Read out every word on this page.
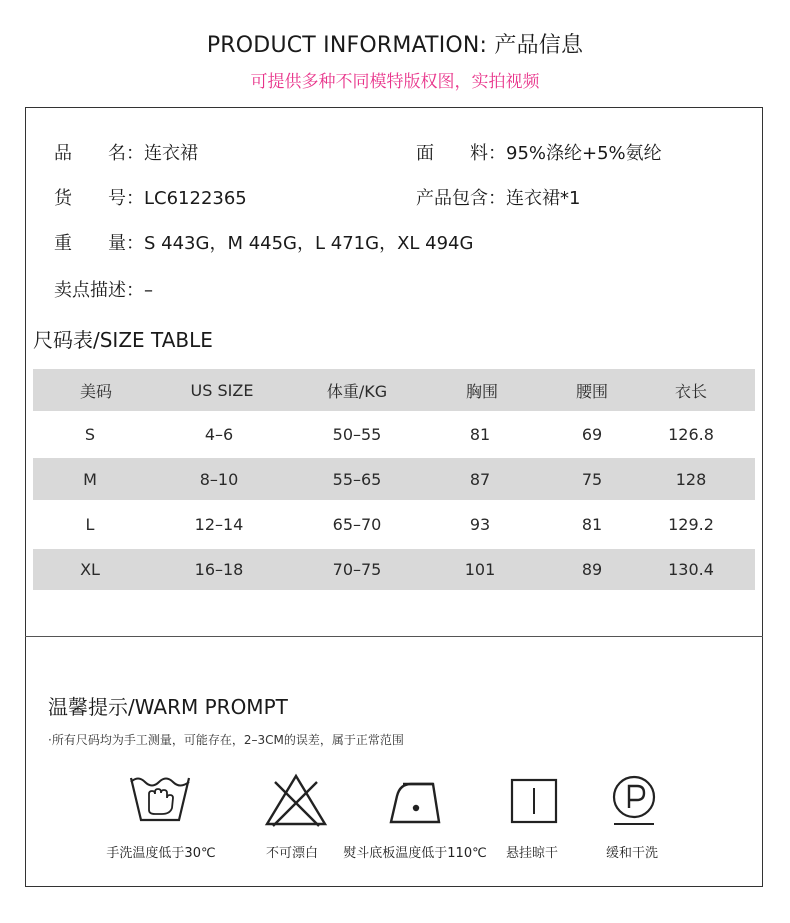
PRODUCT INFORMATION: 产品信息
可提供多种不同模特版权图，实拍视频
品　　名：连衣裙	面　　料：95%涤纶+5%氨纶
货　　号：LC6122365	产品包含：连衣裙*1
重　　量：S 443G，M 445G，L 471G，XL 494G
卖点描述：–
尺码表/SIZE TABLE
美码	US SIZE	体重/KG	胸围	腰围	衣长
S	4–6	50–55	81	69	126.8
M	8–10	55–65	87	75	128
L	12–14	65–70	93	81	129.2
XL	16–18	70–75	101	89	130.4
温馨提示/WARM PROMPT
·所有尺码均为手工测量，可能存在，2–3CM的误差，属于正常范围
手洗温度低于30℃	不可漂白	熨斗底板温度低于110℃	悬挂晾干	缓和干洗
